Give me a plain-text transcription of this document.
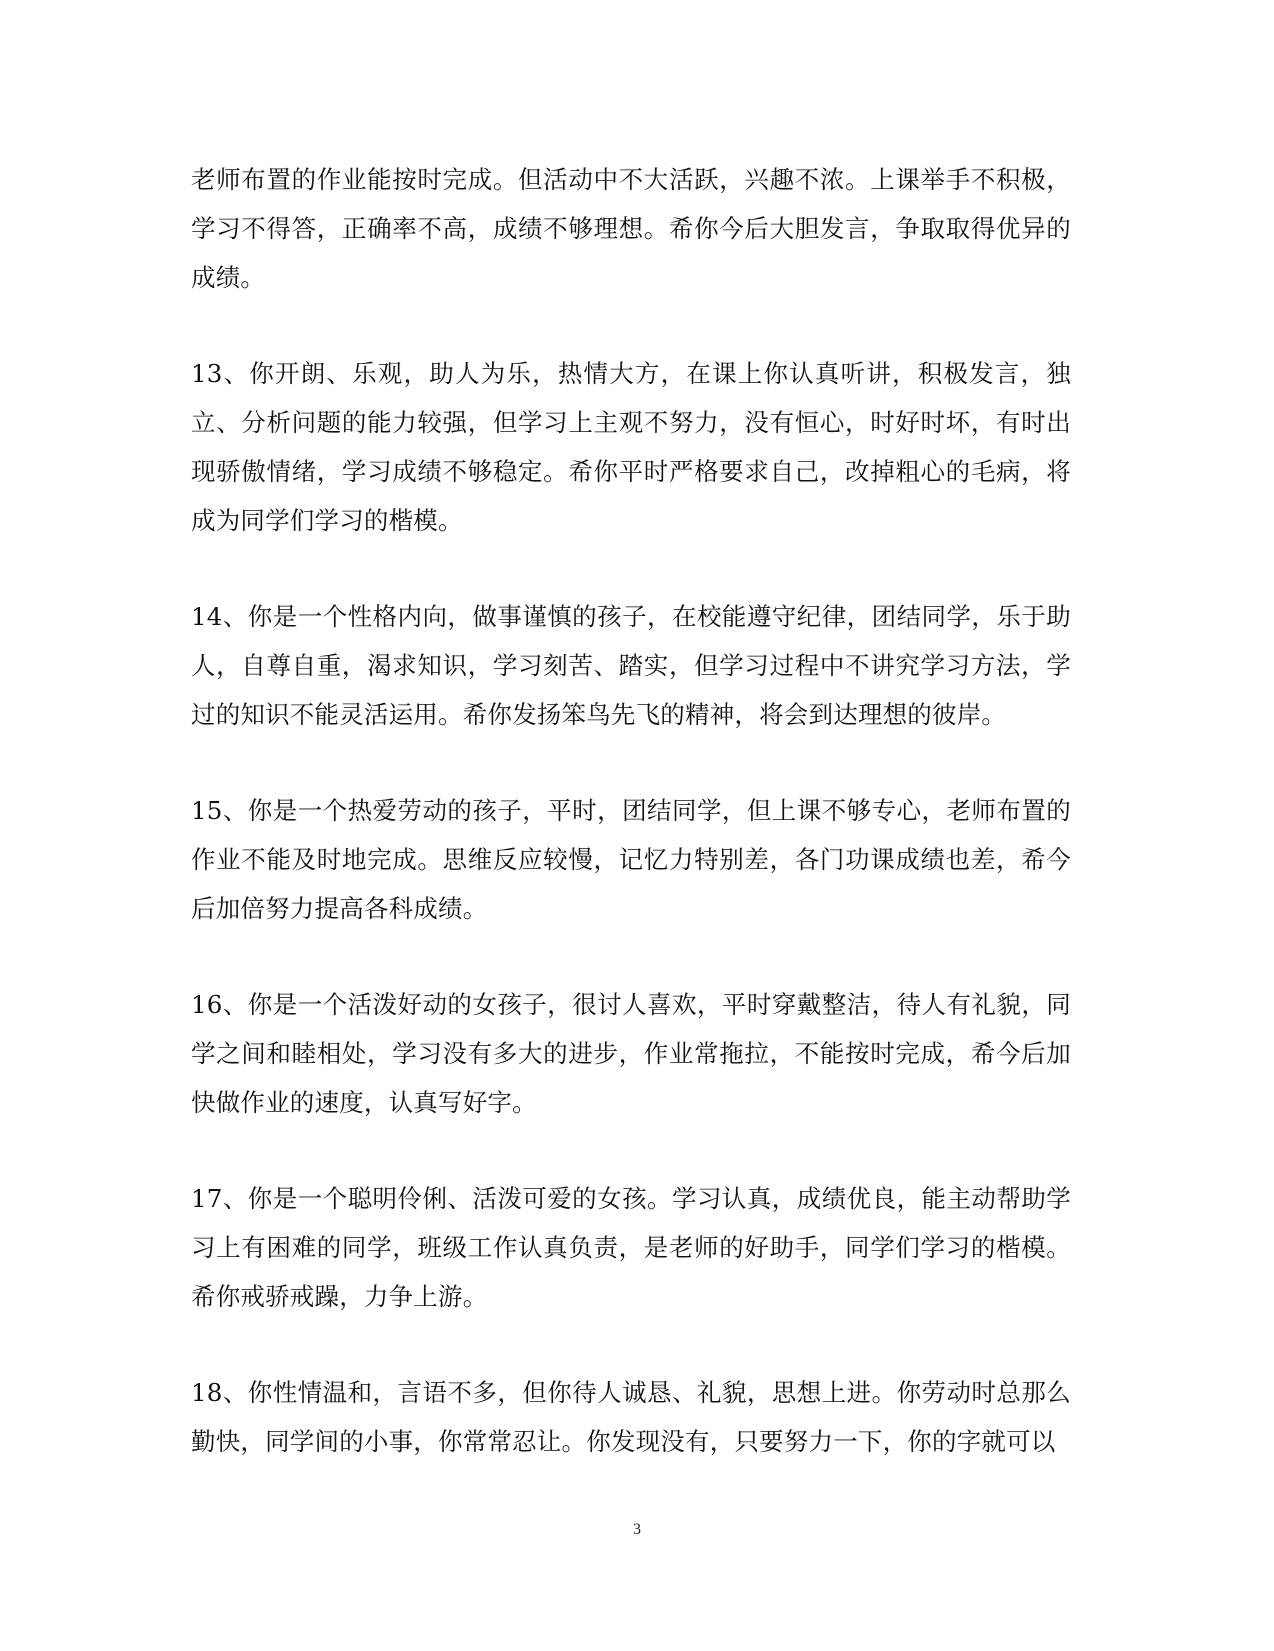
老师布置的作业能按时完成。但活动中不大活跃，兴趣不浓。上课举手不积极，学习不得答，正确率不高，成绩不够理想。希你今后大胆发言，争取取得优异的成绩。

13、你开朗、乐观，助人为乐，热情大方，在课上你认真听讲，积极发言，独立、分析问题的能力较强，但学习上主观不努力，没有恒心，时好时坏，有时出现骄傲情绪，学习成绩不够稳定。希你平时严格要求自己，改掉粗心的毛病，将成为同学们学习的楷模。

14、你是一个性格内向，做事谨慎的孩子，在校能遵守纪律，团结同学，乐于助人，自尊自重，渴求知识，学习刻苦、踏实，但学习过程中不讲究学习方法，学过的知识不能灵活运用。希你发扬笨鸟先飞的精神，将会到达理想的彼岸。

15、你是一个热爱劳动的孩子，平时，团结同学，但上课不够专心，老师布置的作业不能及时地完成。思维反应较慢，记忆力特别差，各门功课成绩也差，希今后加倍努力提高各科成绩。

16、你是一个活泼好动的女孩子，很讨人喜欢，平时穿戴整洁，待人有礼貌，同学之间和睦相处，学习没有多大的进步，作业常拖拉，不能按时完成，希今后加快做作业的速度，认真写好字。

17、你是一个聪明伶俐、活泼可爱的女孩。学习认真，成绩优良，能主动帮助学习上有困难的同学，班级工作认真负责，是老师的好助手，同学们学习的楷模。希你戒骄戒躁，力争上游。

18、你性情温和，言语不多，但你待人诚恳、礼貌，思想上进。你劳动时总那么勤快，同学间的小事，你常常忍让。你发现没有，只要努力一下，你的字就可以

3
